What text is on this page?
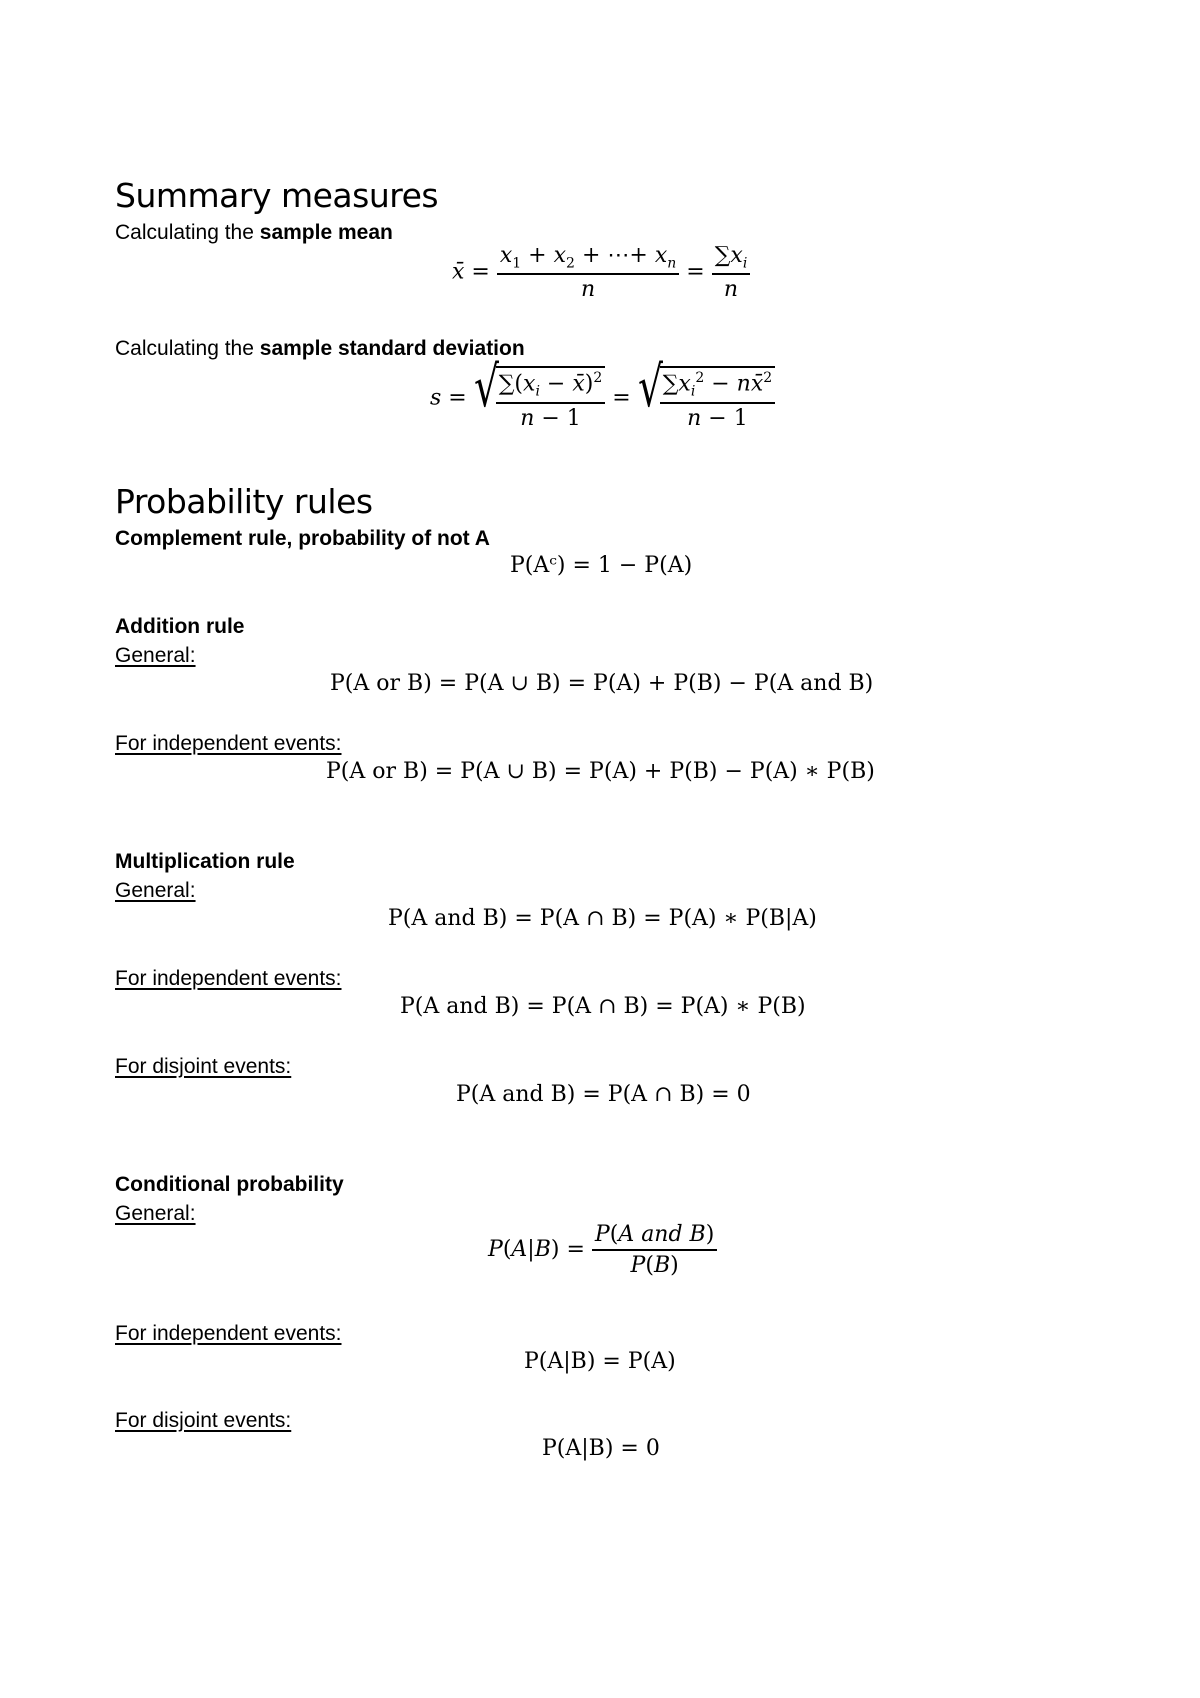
Summary measures
Calculating the sample mean
x̄ = $\frac{x_1 + x_2 + \cdots+ x_n}{n} = \frac{\sum x_i}{n}$
Calculating the sample standard deviation
s = √
$\frac{\sum(x_i - x̄)^2}{n - 1}$ = √
$\frac{\sum x_i^2 - nx̄^2}{n - 1}$
Probability rules
Complement rule, probability of not A
P(Aᶜ) = 1 − P(A)
Addition rule
General:
P(A or B) = P(A ∪ B) = P(A) + P(B) − P(A and B)
For independent events:
P(A or B) = P(A ∪ B) = P(A) + P(B) − P(A) ∗ P(B)
Multiplication rule
General:
P(A and B) = P(A ∩ B) = P(A) ∗ P(B|A)
For independent events:
P(A and B) = P(A ∩ B) = P(A) ∗ P(B)
For disjoint events:
P(A and B) = P(A ∩ B) = 0
Conditional probability
General:
$P(A|B) = \frac{\text{P(A and B)}}{P(B)}$
For independent events:
P(A|B) = P(A)
For disjoint events:
P(A|B) = 0
